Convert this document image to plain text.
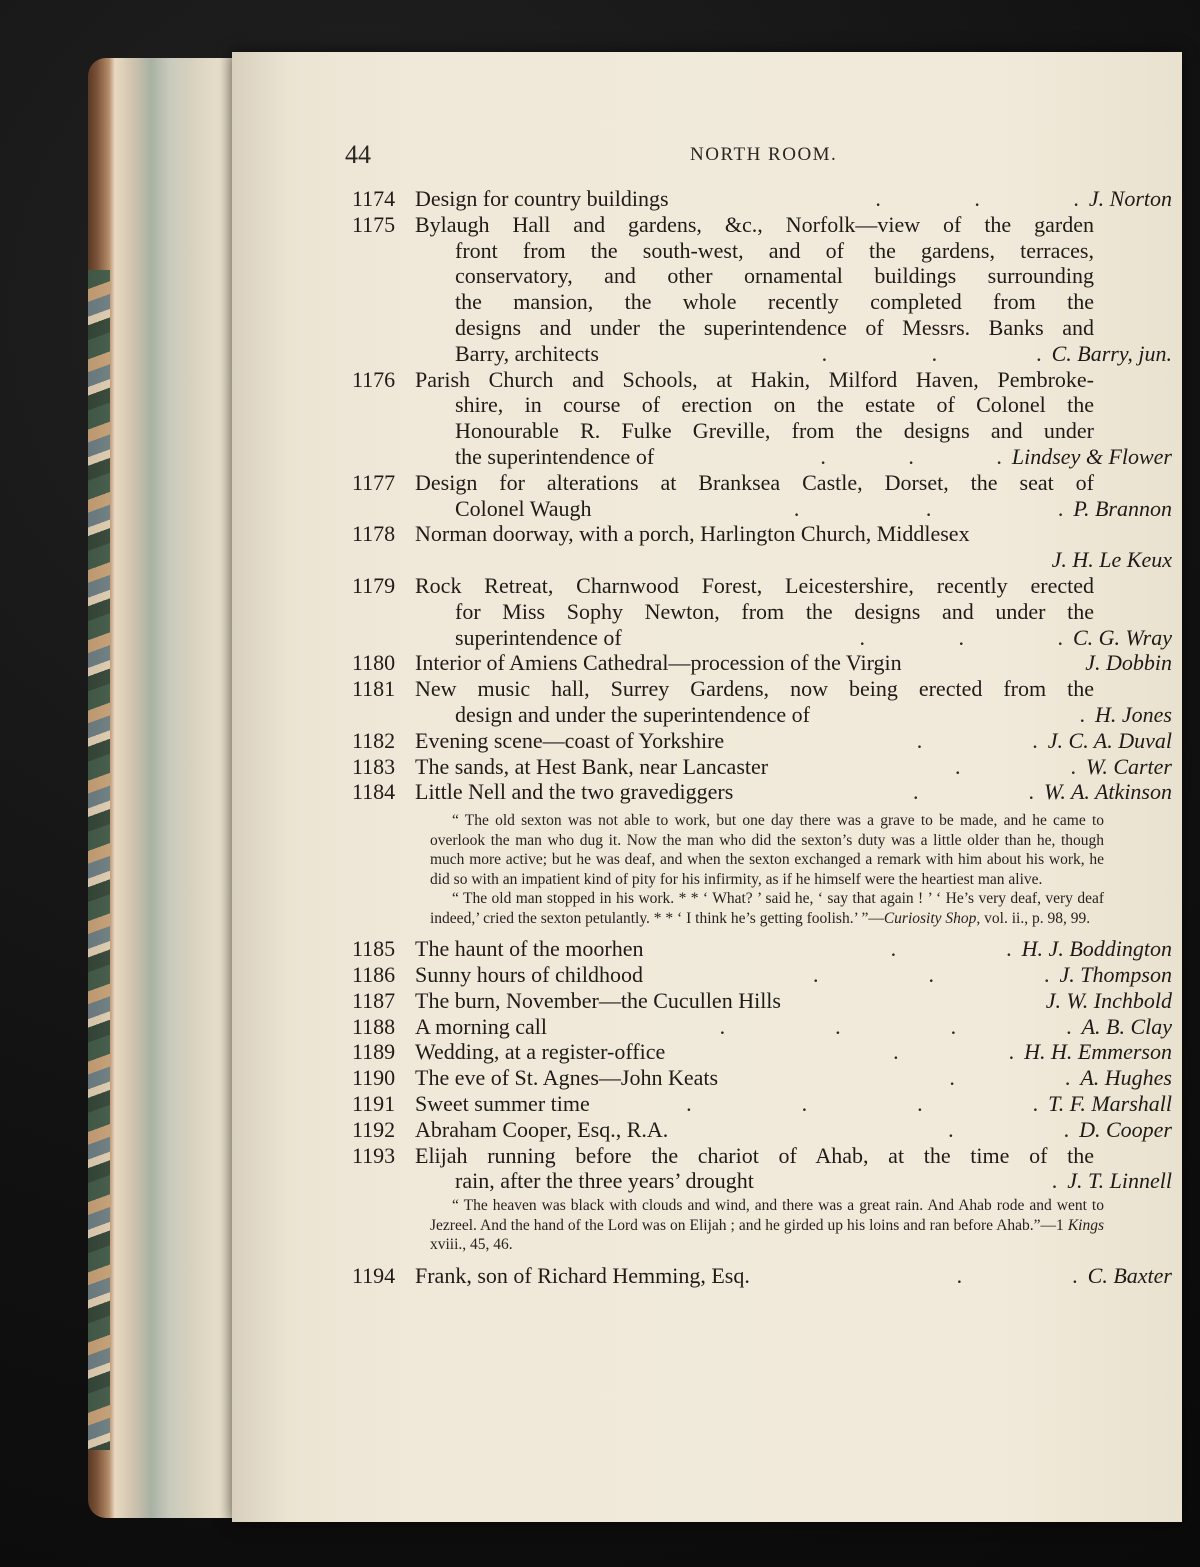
44	NORTH ROOM.
1174 Design for country buildings	.                 .                 . J. Norton
1175 Bylaugh Hall and gardens, &c., Norfolk—view of the garden
front from the south-west, and of the gardens, terraces,
conservatory, and other ornamental buildings surrounding
the mansion, the whole recently completed from the
designs and under the superintendence of Messrs. Banks and
Barry, architects	.                   .                  . C. Barry, jun.
1176 Parish Church and Schools, at Hakin, Milford Haven, Pembroke-
shire, in course of erection on the estate of Colonel the
Honourable R. Fulke Greville, from the designs and under
the superintendence of	.               .               . Lindsey & Flower
1177 Design for alterations at Branksea Castle, Dorset, the seat of
Colonel Waugh	.                       .                       . P. Brannon
1178 Norman doorway, with a porch, Harlington Church, Middlesex
J. H. Le Keux
1179 Rock Retreat, Charnwood Forest, Leicestershire, recently erected
for Miss Sophy Newton, from the designs and under the
superintendence of	.                 .                 . C. G. Wray
1180 Interior of Amiens Cathedral—procession of the Virgin	J. Dobbin
1181 New music hall, Surrey Gardens, now being erected from the
design and under the superintendence of	. H. Jones
1182 Evening scene—coast of Yorkshire	.                    . J. C. A. Duval
1183 The sands, at Hest Bank, near Lancaster	.                    . W. Carter
1184 Little Nell and the two gravediggers	.                    . W. A. Atkinson

“ The old sexton was not able to work, but one day there was a grave to be made, and he came to overlook the man who dug it. Now the man who did the sexton’s duty was a little older than he, though much more active; but he was deaf, and when the sexton exchanged a remark with him about his work, he did so with an impatient kind of pity for his infirmity, as if he himself were the heartiest man alive.

“ The old man stopped in his work. * * ‘ What? ’ said he, ‘ say that again ! ’ ‘ He’s very deaf, very deaf indeed,’ cried the sexton petulantly. * * ‘ I think he’s getting foolish.’ ”—Curiosity Shop, vol. ii., p. 98, 99.

1185 The haunt of the moorhen	.                    . H. J. Boddington
1186 Sunny hours of childhood	.                    .                    . J. Thompson
1187 The burn, November—the Cucullen Hills	J. W. Inchbold
1188 A morning call	.                    .                    .                    . A. B. Clay
1189 Wedding, at a register-office	.                    . H. H. Emmerson
1190 The eve of St. Agnes—John Keats	.                    . A. Hughes
1191 Sweet summer time	.                    .                    .                    . T. F. Marshall
1192 Abraham Cooper, Esq., R.A.	.                    . D. Cooper
1193 Elijah running before the chariot of Ahab, at the time of the
rain, after the three years’ drought	. J. T. Linnell

“ The heaven was black with clouds and wind, and there was a great rain. And Ahab rode and went to Jezreel. And the hand of the Lord was on Elijah ; and he girded up his loins and ran before Ahab.”—1 Kings xviii., 45, 46.

1194 Frank, son of Richard Hemming, Esq.	.                    . C. Baxter
